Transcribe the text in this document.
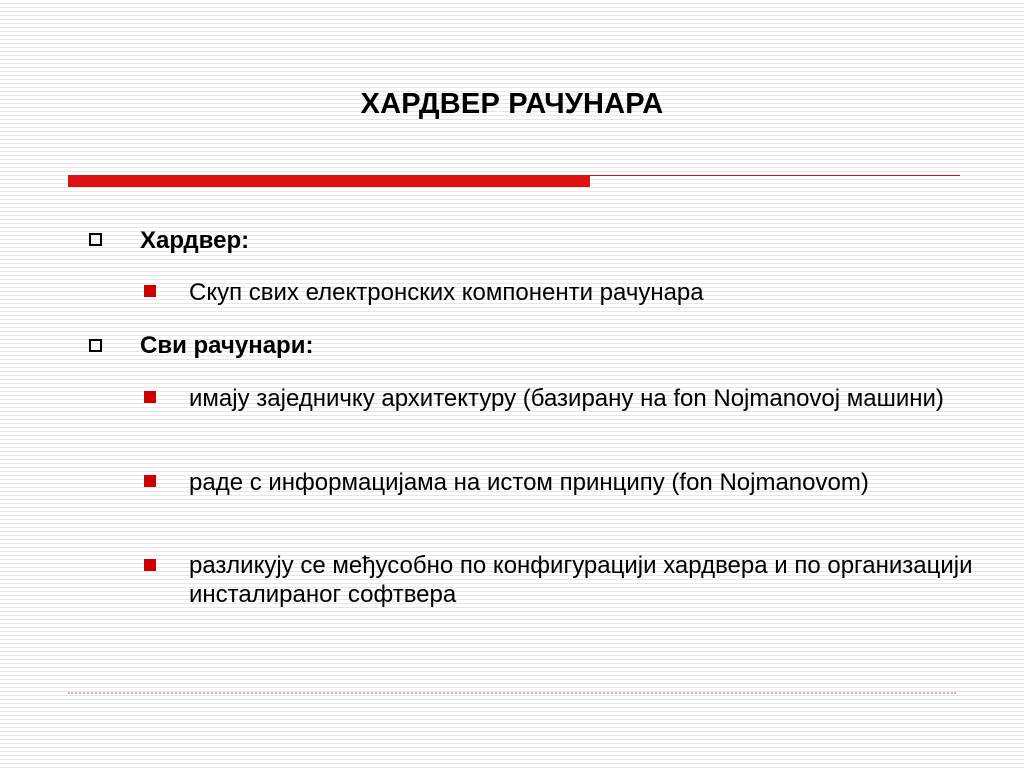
ХАРДВЕР РАЧУНАРА
Хардвер:
Скуп свих електронских компоненти рачунара
Сви рачунари:
имају заједничку архитектуру (базирану на fon Nojmanovoj машини)
раде с информацијама на истом принципу (fon Nojmanovom)
разликују се међусобно по конфигурацији хардвера и по организацији инсталираног софтвера
